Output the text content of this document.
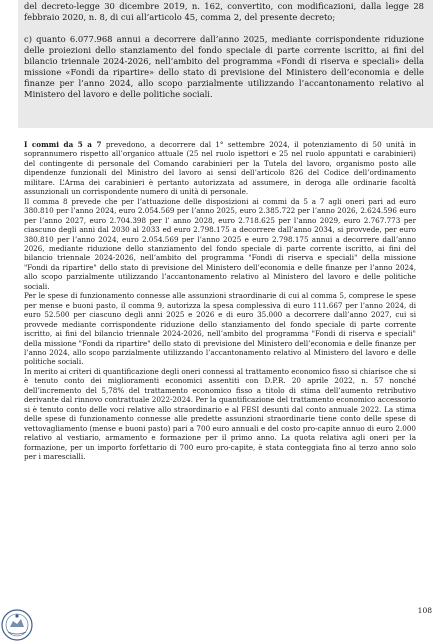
del decreto-legge 30 dicembre 2019, n. 162, convertito, con modificazioni, dalla legge 28 febbraio 2020, n. 8, di cui all’articolo 45, comma 2, del presente decreto;

c) quanto 6.077.968 annui a decorrere dall’anno 2025, mediante corrispondente riduzione delle proiezioni dello stanziamento del fondo speciale di parte corrente iscritto, ai fini del bilancio triennale 2024-2026, nell’ambito del programma «Fondi di riserva e speciali» della missione «Fondi da ripartire» dello stato di previsione del Ministero dell’economia e delle finanze per l’anno 2024, allo scopo parzialmente utilizzando l’accantonamento relativo al Ministero del lavoro e delle politiche sociali.

I commi da 5 a 7 prevedono, a decorrere dal 1° settembre 2024, il potenziamento di 50 unità in soprannumero rispetto all’organico attuale (25 nel ruolo ispettori e 25 nel ruolo appuntati e carabinieri) del contingente di personale del Comando carabinieri per la Tutela del lavoro, organismo posto alle dipendenze funzionali del Ministro del lavoro ai sensi dell’articolo 826 del Codice dell’ordinamento militare. L’Arma dei carabinieri è pertanto autorizzata ad assumere, in deroga alle ordinarie facoltà assunzionali un corrispondente numero di unità di personale.

Il comma 8 prevede che per l’attuazione delle disposizioni ai commi da 5 a 7 agli oneri pari ad euro 380.810 per l’anno 2024, euro 2.054.569 per l’anno 2025, euro 2.385.722 per l’anno 2026, 2.624.596 euro per l’anno 2027, euro 2.704.398 per l’ anno 2028, euro 2.718.625 per l’anno 2029, euro 2.767.773 per ciascuno degli anni dal 2030 al 2033 ed euro 2.798.175 a decorrere dall’anno 2034, si provvede, per euro 380.810 per l’anno 2024, euro 2.054.569 per l’anno 2025 e euro 2.798.175 annui a decorrere dall’anno 2026, mediante riduzione dello stanziamento del fondo speciale di parte corrente iscritto, ai fini del bilancio triennale 2024-2026, nell’ambito del programma "Fondi di riserva e speciali" della missione "Fondi da ripartire" dello stato di previsione del Ministero dell’economia e delle finanze per l’anno 2024, allo scopo parzialmente utilizzando l’accantonamento relativo al Ministero del lavoro e delle politiche sociali.

Per le spese di funzionamento connesse alle assunzioni straordinarie di cui al comma 5, comprese le spese per mense e buoni pasto, il comma 9, autorizza la spesa complessiva di euro 111.667 per l’anno 2024, di euro 52.500 per ciascuno degli anni 2025 e 2026 e di euro 35.000 a decorrere dall’anno 2027, cui si provvede mediante corrispondente riduzione dello stanziamento del fondo speciale di parte corrente iscritto, ai fini del bilancio triennale 2024-2026, nell’ambito del programma "Fondi di riserva e speciali" della missione "Fondi da ripartire" dello stato di previsione del Ministero dell’economia e delle finanze per l’anno 2024, allo scopo parzialmente utilizzando l’accantonamento relativo al Ministero del lavoro e delle politiche sociali.

In merito ai criteri di quantificazione degli oneri connessi al trattamento economico fisso si chiarisce che si è tenuto conto dei miglioramenti economici assentiti con D.P.R. 20 aprile 2022, n. 57 nonché dell’incremento del 5,78% del trattamento economico fisso a titolo di stima dell’aumento retributivo derivante dal rinnovo contrattuale 2022-2024. Per la quantificazione del trattamento economico accessorio si è tenuto conto delle voci relative allo straordinario e al FESI desunti dal conto annuale 2022. La stima delle spese di funzionamento connesse alle predette assunzioni straordinarie tiene conto delle spese di vettovagliamento (mense e buoni pasto) pari a 700 euro annuali e del costo pro-capite annuo di euro 2.000 relativo al vestiario, armamento e formazione per il primo anno. La quota relativa agli oneri per la formazione, per un importo forfettario di 700 euro pro-capite, è stata conteggiata fino al terzo anno solo per i marescialli.

108
